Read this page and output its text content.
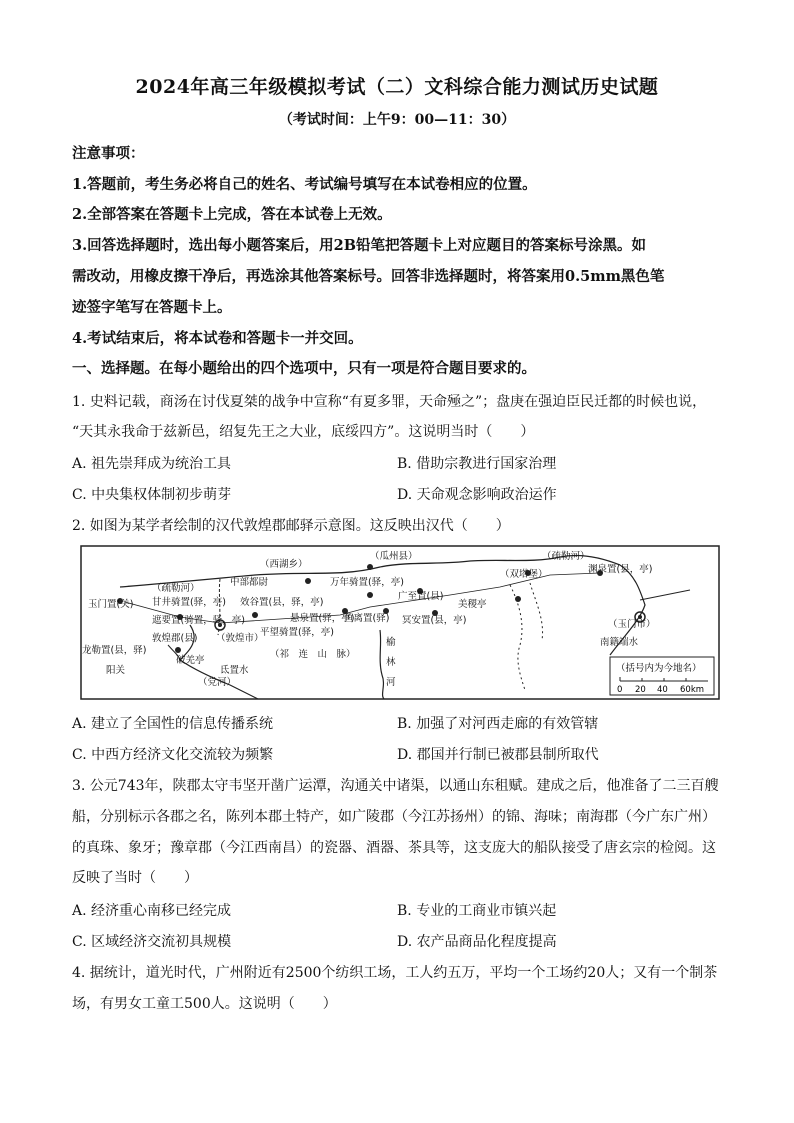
2024年高三年级模拟考试（二）文科综合能力测试历史试题
（考试时间：上午9：00—11：30）
注意事项：
1.答题前，考生务必将自己的姓名、考试编号填写在本试卷相应的位置。
2.全部答案在答题卡上完成，答在本试卷上无效。
3.回答选择题时，选出每小题答案后，用2B铅笔把答题卡上对应题目的答案标号涂黑。如
需改动，用橡皮擦干净后，再选涂其他答案标号。回答非选择题时，将答案用0.5mm黑色笔
迹签字笔写在答题卡上。
4.考试结束后，将本试卷和答题卡一并交回。
一、选择题。在每小题给出的四个选项中，只有一项是符合题目要求的。
1. 史料记载，商汤在讨伐夏桀的战争中宣称“有夏多罪，天命殛之”；盘庚在强迫臣民迁都的时候也说，
“天其永我命于兹新邑，绍复先王之大业，底绥四方”。这说明当时（　　）
A. 祖先崇拜成为统治工具	B. 借助宗教进行国家治理
C. 中央集权体制初步萌芽	D. 天命观念影响政治运作
2. 如图为某学者绘制的汉代敦煌郡邮驿示意图。这反映出汉代（　　）
（疏勒河）
（西湖乡）
（瓜州县）	（疏勒河）
中部都尉	万年骑置(驿，亭)
（双塔堡）	渊泉置(县，亭)
玉门置(关) 甘井骑置(驿，亭) 效谷置(县，驿，亭)
广至置(县)
美稷亭
（玉门市）
遮要置(骑置，驿，亭)	悬泉置(驿，亭)
鱼离置(驿) 冥安置(县，亭)
敦煌郡(县) （敦煌市）
平望骑置(驿，亭)
龙勒置(县，驿)
破羌亭
阳关
（祁　连　山　脉）
榆
林
河
（党河）
氐置水
南籍端水
（括号内为今地名）
0 20 40 60km
A. 建立了全国性的信息传播系统	B. 加强了对河西走廊的有效管辖
C. 中西方经济文化交流较为频繁	D. 郡国并行制已被郡县制所取代
3. 公元743年，陕郡太守韦坚开凿广运潭，沟通关中诸渠，以通山东租赋。建成之后，他准备了二三百艘
船，分别标示各郡之名，陈列本郡土特产，如广陵郡（今江苏扬州）的锦、海味；南海郡（今广东广州）
的真珠、象牙；豫章郡（今江西南昌）的瓷器、酒器、茶具等，这支庞大的船队接受了唐玄宗的检阅。这
反映了当时（　　）
A. 经济重心南移已经完成	B. 专业的工商业市镇兴起
C. 区域经济交流初具规模	D. 农产品商品化程度提高
4. 据统计，道光时代，广州附近有2500个纺织工场，工人约五万，平均一个工场约20人；又有一个制茶
场，有男女工童工500人。这说明（　　）
